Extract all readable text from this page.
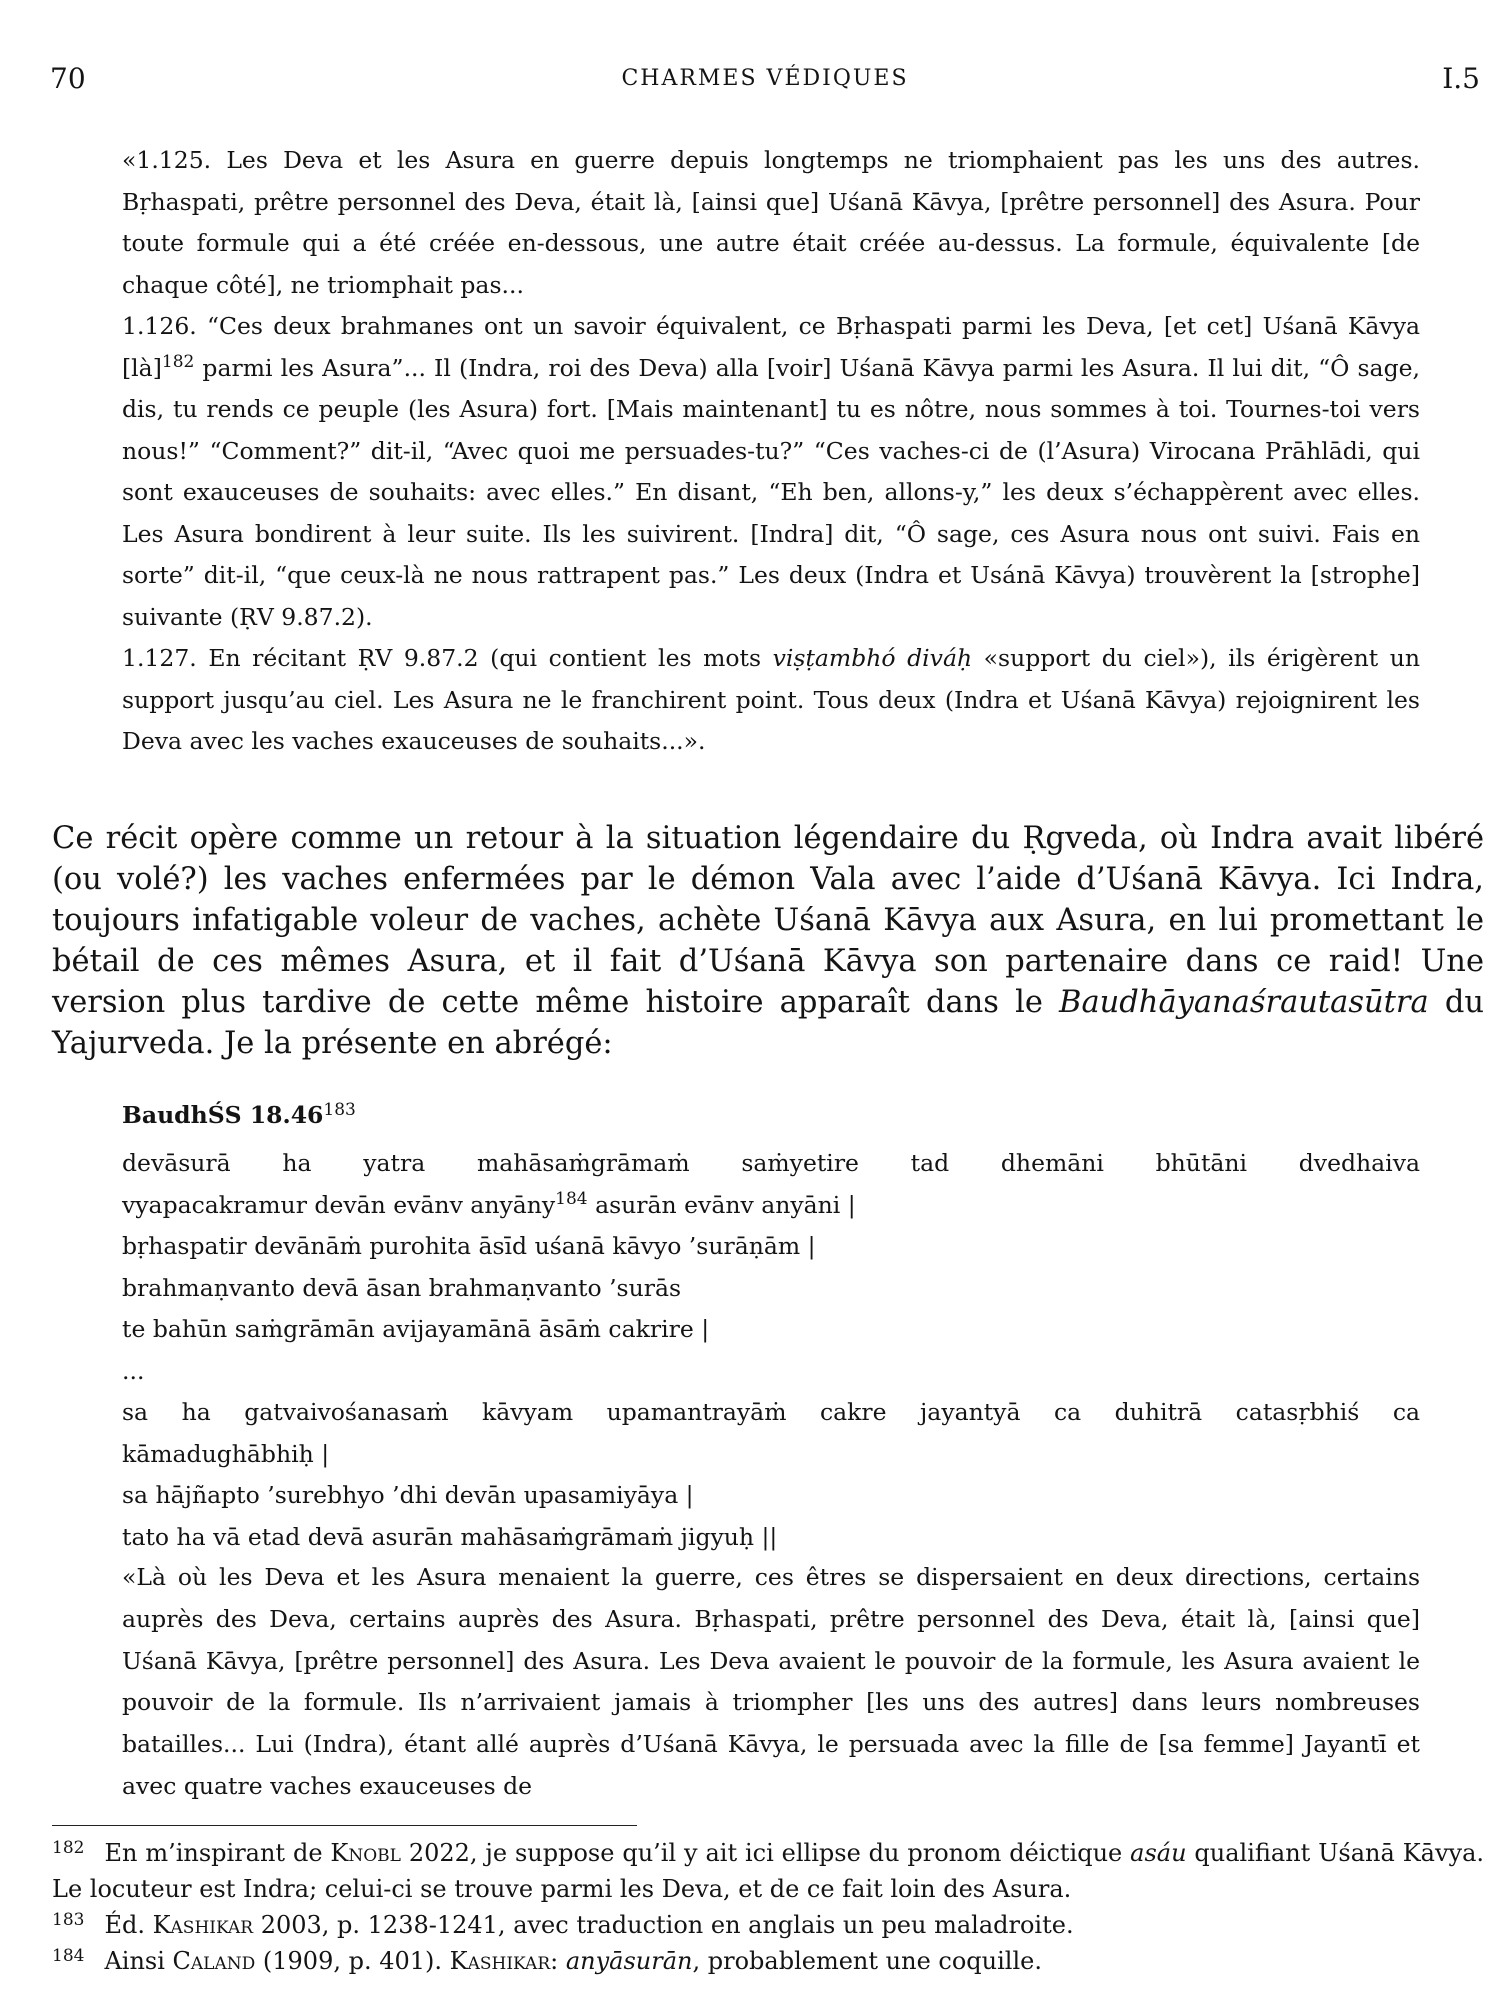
70	CHARMES VÉDIQUES	I.5

«1.125. Les Deva et les Asura en guerre depuis longtemps ne triomphaient pas les uns des autres. Bṛhaspati, prêtre personnel des Deva, était là, [ainsi que] Uśanā Kāvya, [prêtre personnel] des Asura. Pour toute formule qui a été créée en-dessous, une autre était créée au-dessus. La formule, équivalente [de chaque côté], ne triomphait pas...

1.126. “Ces deux brahmanes ont un savoir équivalent, ce Bṛhaspati parmi les Deva, [et cet] Uśanā Kāvya [là]$^{182}$ parmi les Asura”... Il (Indra, roi des Deva) alla [voir] Uśanā Kāvya parmi les Asura. Il lui dit, “Ô sage, dis, tu rends ce peuple (les Asura) fort. [Mais maintenant] tu es nôtre, nous sommes à toi. Tournes-toi vers nous!” “Comment?” dit-il, “Avec quoi me persuades-tu?” “Ces vaches-ci de (l’Asura) Virocana Prāhlādi, qui sont exauceuses de souhaits: avec elles.” En disant, “Eh ben, allons-y,” les deux s’échappèrent avec elles. Les Asura bondirent à leur suite. Ils les suivirent. [Indra] dit, “Ô sage, ces Asura nous ont suivi. Fais en sorte” dit-il, “que ceux-là ne nous rattrapent pas.” Les deux (Indra et Usánā Kāvya) trouvèrent la [strophe] suivante (ṚV 9.87.2).

1.127. En récitant ṚV 9.87.2 (qui contient les mots viṣṭambhó diváḥ «support du ciel»), ils érigèrent un support jusqu’au ciel. Les Asura ne le franchirent point. Tous deux (Indra et Uśanā Kāvya) rejoignirent les Deva avec les vaches exauceuses de souhaits...».

Ce récit opère comme un retour à la situation légendaire du Ṛgveda, où Indra avait libéré (ou volé?) les vaches enfermées par le démon Vala avec l’aide d’Uśanā Kāvya. Ici Indra, toujours infatigable voleur de vaches, achète Uśanā Kāvya aux Asura, en lui promettant le bétail de ces mêmes Asura, et il fait d’Uśanā Kāvya son partenaire dans ce raid! Une version plus tardive de cette même histoire apparaît dans le Baudhāyanaśrautasūtra du Yajurveda. Je la présente en abrégé:

BaudhŚS 18.46$^{183}$
devāsurā ha yatra mahāsaṁgrāmaṁ saṁyetire tad dhemāni bhūtāni dvedhaiva
vyapacakramur devān evānv anyāny$^{184}$ asurān evānv anyāni |
bṛhaspatir devānāṁ purohita āsīd uśanā kāvyo ’surāṇām |
brahmaṇvanto devā āsan brahmaṇvanto ’surās
te bahūn saṁgrāmān avijayamānā āsāṁ cakrire |
...
sa ha gatvaivośanasaṁ kāvyam upamantrayāṁ cakre jayantyā ca duhitrā catasṛbhiś ca
kāmadughābhiḥ |
sa hājñapto ’surebhyo ’dhi devān upasamiyāya |
tato ha vā etad devā asurān mahāsaṁgrāmaṁ jigyuḥ ||
«Là où les Deva et les Asura menaient la guerre, ces êtres se dispersaient en deux directions, certains auprès des Deva, certains auprès des Asura. Bṛhaspati, prêtre personnel des Deva, était là, [ainsi que] Uśanā Kāvya, [prêtre personnel] des Asura. Les Deva avaient le pouvoir de la formule, les Asura avaient le pouvoir de la formule. Ils n’arrivaient jamais à triompher [les uns des autres] dans leurs nombreuses batailles... Lui (Indra), étant allé auprès d’Uśanā Kāvya, le persuada avec la fille de [sa femme] Jayantī et avec quatre vaches exauceuses de

$^{182}$ En m’inspirant de Knobl 2022, je suppose qu’il y ait ici ellipse du pronom déictique asáu qualifiant Uśanā Kāvya. Le locuteur est Indra; celui-ci se trouve parmi les Deva, et de ce fait loin des Asura.

$^{183}$ Éd. Kashikar 2003, p. 1238-1241, avec traduction en anglais un peu maladroite.

$^{184}$ Ainsi Caland (1909, p. 401). Kashikar: anyāsurān, probablement une coquille.
